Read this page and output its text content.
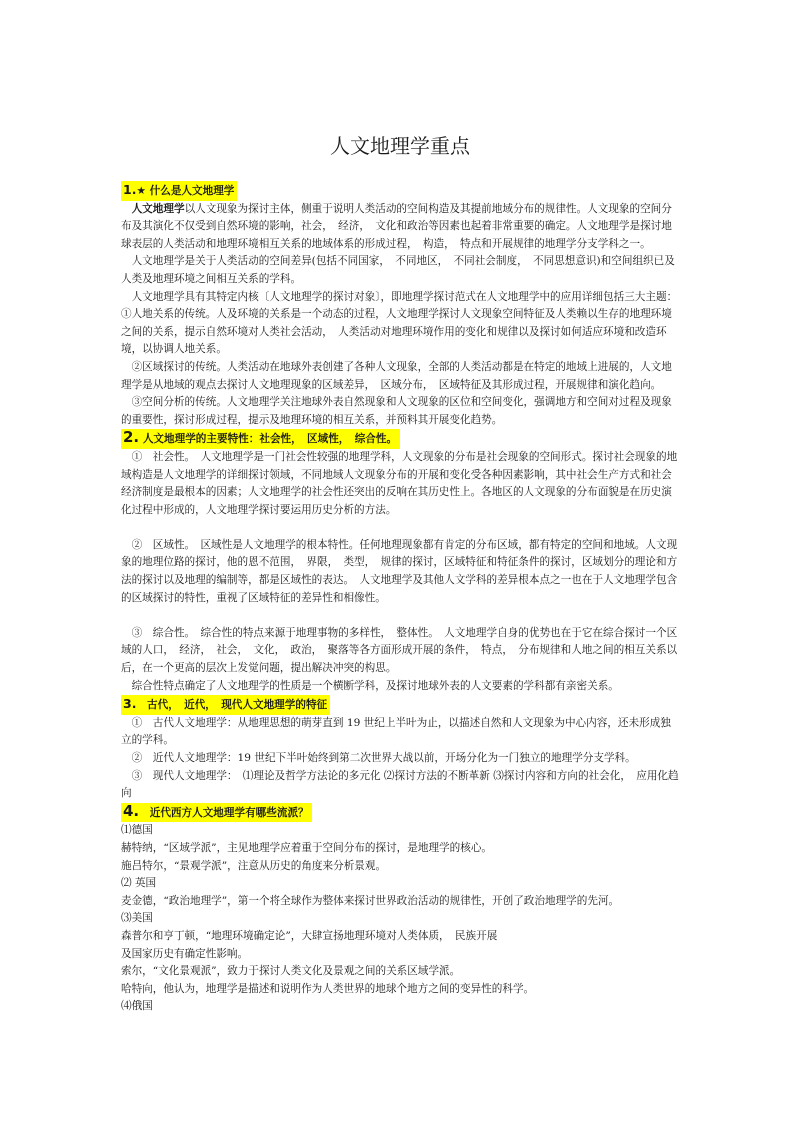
人文地理学重点

1.★ 什么是人文地理学

人文地理学以人文现象为探讨主体，侧重于说明人类活动的空间构造及其提前地域分布的规律性。人文现象的空间分布及其演化不仅受到自然环境的影响，社会，　经济，　文化和政治等因素也起着非常重要的确定。人文地理学是探讨地球表层的人类活动和地理环境相互关系的地域体系的形成过程，　构造，　特点和开展规律的地理学分支学科之一。

人文地理学是关于人类活动的空间差异(包括不同国家，　不同地区，　不同社会制度，　不同思想意识)和空间组织已及人类及地理环境之间相互关系的学科。

人文地理学具有其特定内核〔人文地理学的探讨对象〕，即地理学探讨范式在人文地理学中的应用详细包括三大主题：

①人地关系的传统。人及环境的关系是一个动态的过程，人文地理学探讨人文现象空间特征及人类赖以生存的地理环境之间的关系，提示自然环境对人类社会活动，　人类活动对地理环境作用的变化和规律以及探讨如何适应环境和改造环境，以协调人地关系。

②区域探讨的传统。人类活动在地球外表创建了各种人文现象，全部的人类活动都是在特定的地域上进展的，人文地理学是从地域的观点去探讨人文地理现象的区域差异，　区域分布，　区域特征及其形成过程，开展规律和演化趋向。

③空间分析的传统。人文地理学关注地球外表自然现象和人文现象的区位和空间变化，强调地方和空间对过程及现象的重要性，探讨形成过程，提示及地理环境的相互关系，并预料其开展变化趋势。

2. 人文地理学的主要特性：社会性，　区域性，　综合性。

①　社会性。　人文地理学是一门社会性较强的地理学科，人文现象的分布是社会现象的空间形式。探讨社会现象的地域构造是人文地理学的详细探讨领域，不同地域人文现象分布的开展和变化受各种因素影响，其中社会生产方式和社会经济制度是最根本的因素；人文地理学的社会性还突出的反响在其历史性上。各地区的人文现象的分布面貌是在历史演化过程中形成的，人文地理学探讨要运用历史分析的方法。

②　区域性。　区域性是人文地理学的根本特性。任何地理现象都有肯定的分布区域，都有特定的空间和地域。人文现象的地理位路的探讨，他的恩不范围，　界限，　类型，　规律的探讨，区域特征和特征条件的探讨，区域划分的理论和方法的探讨以及地理的编制等，都是区域性的表达。　人文地理学及其他人文学科的差异根本点之一也在于人文地理学包含的区域探讨的特性，重视了区域特征的差异性和相像性。

③　综合性。　综合性的特点来源于地理事物的多样性，　整体性。　人文地理学自身的优势也在于它在综合探讨一个区域的人口，　经济，　社会，　文化，　政治，　聚落等各方面形成开展的条件，　特点，　分布规律和人地之间的相互关系以后，在一个更高的层次上发觉问题，提出解决冲突的构思。

综合性特点确定了人文地理学的性质是一个横断学科，及探讨地球外表的人文要素的学科都有亲密关系。

3.　古代，　近代，　现代人文地理学的特征

①　古代人文地理学：从地理思想的萌芽直到 19 世纪上半叶为止，以描述自然和人文现象为中心内容，还未形成独立的学科。

②　近代人文地理学：19 世纪下半叶始终到第二次世界大战以前，开场分化为一门独立的地理学分支学科。

③　现代人文地理学：　⑴理论及哲学方法论的多元化 ⑵探讨方法的不断革新 ⑶探讨内容和方向的社会化，　应用化趋向

4.　近代西方人文地理学有哪些流派？

⑴德国

赫特纳，“区域学派”，主见地理学应着重于空间分布的探讨，是地理学的核心。

施吕特尔，“景观学派”，注意从历史的角度来分析景观。

⑵ 英国

麦金德，“政治地理学”，第一个将全球作为整体来探讨世界政治活动的规律性，开创了政治地理学的先河。

⑶美国

森普尔和亨丁顿，“地理环境确定论”，大肆宣扬地理环境对人类体质，　民族开展

及国家历史有确定性影响。

索尔，“文化景观派”，致力于探讨人类文化及景观之间的关系区域学派。

哈特向，他认为，地理学是描述和说明作为人类世界的地球个地方之间的变异性的科学。

⑷俄国
